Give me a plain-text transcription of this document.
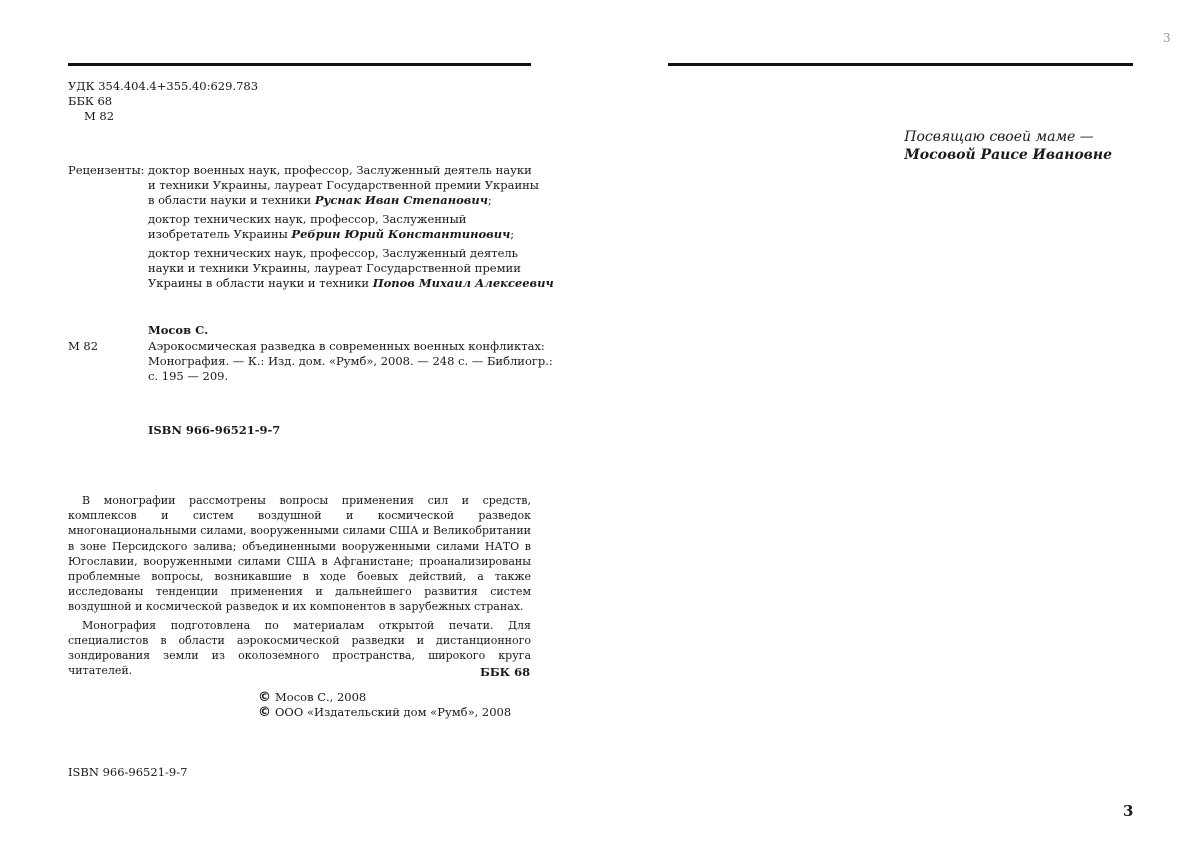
3
3
УДК 354.404.4+355.40:629.783
ББК 68
М 82
Рецензенты: доктор военных наук, профессор, Заслуженный деятель науки
и техники Украины, лауреат Государственной премии Украины
в области науки и техники Руснак Иван Степанович;
доктор технических наук, профессор, Заслуженный
изобретатель Украины Ребрин Юрий Константинович;
доктор технических наук, профессор, Заслуженный деятель
науки и техники Украины, лауреат Государственной премии
Украины в области науки и техники Попов Михаил Алексеевич
Мосов С.
М 82	Аэрокосмическая разведка в современных военных конфликтах:
Монография. — К.: Изд. дом. «Румб», 2008. — 248 с. — Библиогр.:
с. 195 — 209.
ISBN 966-96521-9-7

В монографии рассмотрены вопросы применения сил и средств, комплексов и систем воздушной и космической разведок многонациональными силами, вооруженными силами США и Великобритании в зоне Персидского залива; объединенными вооруженными силами НАТО в Югославии, вооруженными силами США в Афганистане; проанализированы проблемные вопросы, возникавшие в ходе боевых действий, а также исследованы тенденции применения и дальнейшего развития систем воздушной и космической разведок и их компонентов в зарубежных странах.

Монография подготовлена по материалам открытой печати. Для специалистов в области аэрокосмической разведки и дистанционного зондирования земли из околоземного пространства, широкого круга читателей.	ББК 68
© Мосов С., 2008
© ООО «Издательский дом «Румб», 2008
ISBN 966-96521-9-7
Посвящаю своей маме —
Мосовой Раисе Ивановне
